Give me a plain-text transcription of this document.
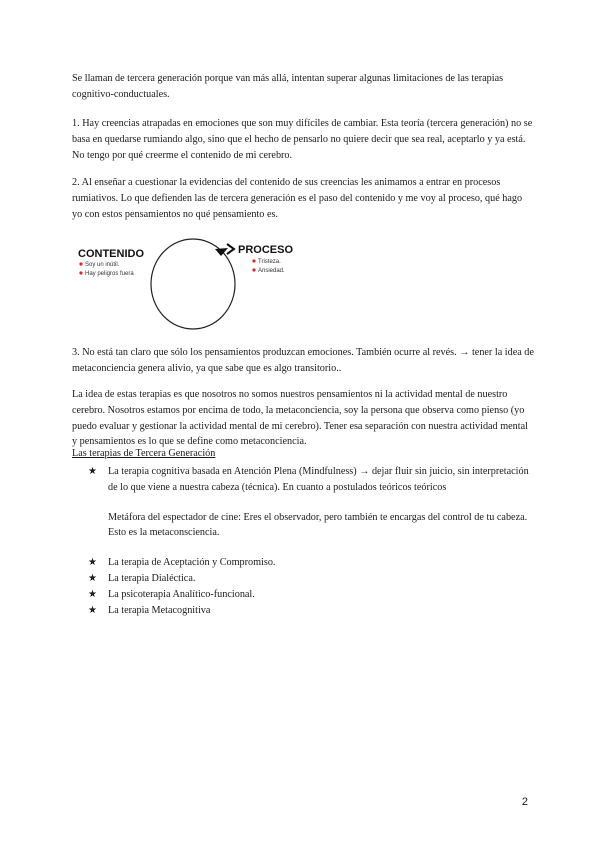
Se llaman de tercera generación porque van más allá, intentan superar algunas limitaciones de las terapias cognitivo-conductuales.

1. Hay creencias atrapadas en emociones que son muy difíciles de cambiar. Esta teoría (tercera generación) no se basa en quedarse rumiando algo, sino que el hecho de pensarlo no quiere decir que sea real, aceptarlo y ya está. No tengo por qué creerme el contenido de mi cerebro.

2. Al enseñar a cuestionar la evidencias del contenido de sus creencias les animamos a entrar en procesos rumiativos. Lo que defienden las de tercera generación es el paso del contenido y me voy al proceso, qué hago yo con estos pensamientos no qué pensamiento es.

CONTENIDO
Soy un inútil.
Hay peligros fuera
PROCESO
Tristeza.
Ansiedad.

3. No está tan claro que sólo los pensamientos produzcan emociones. También ocurre al revés. → tener la idea de metaconciencia genera alivio, ya que sabe que es algo transitorio..

La idea de estas terapias es que nosotros no somos nuestros pensamientos ni la actividad mental de nuestro cerebro. Nosotros estamos por encima de todo, la metaconciencia, soy la persona que observa como pienso (yo puedo evaluar y gestionar la actividad mental de mi cerebro). Tener esa separación con nuestra actividad mental y pensamientos es lo que se define como metaconciencia.

Las terapias de Tercera Generación

★ La terapia cognitiva basada en Atención Plena (Mindfulness) → dejar fluir sin juicio, sin interpretación de lo que viene a nuestra cabeza (técnica). En cuanto a postulados teóricos teóricos
Metáfora del espectador de cine: Eres el observador, pero también te encargas del control de tu cabeza. Esto es la metaconsciencia.
★ La terapia de Aceptación y Compromiso.
★ La terapia Dialéctica.
★ La psicoterapia Analítico-funcional.
★ La terapia Metacognitiva
2
